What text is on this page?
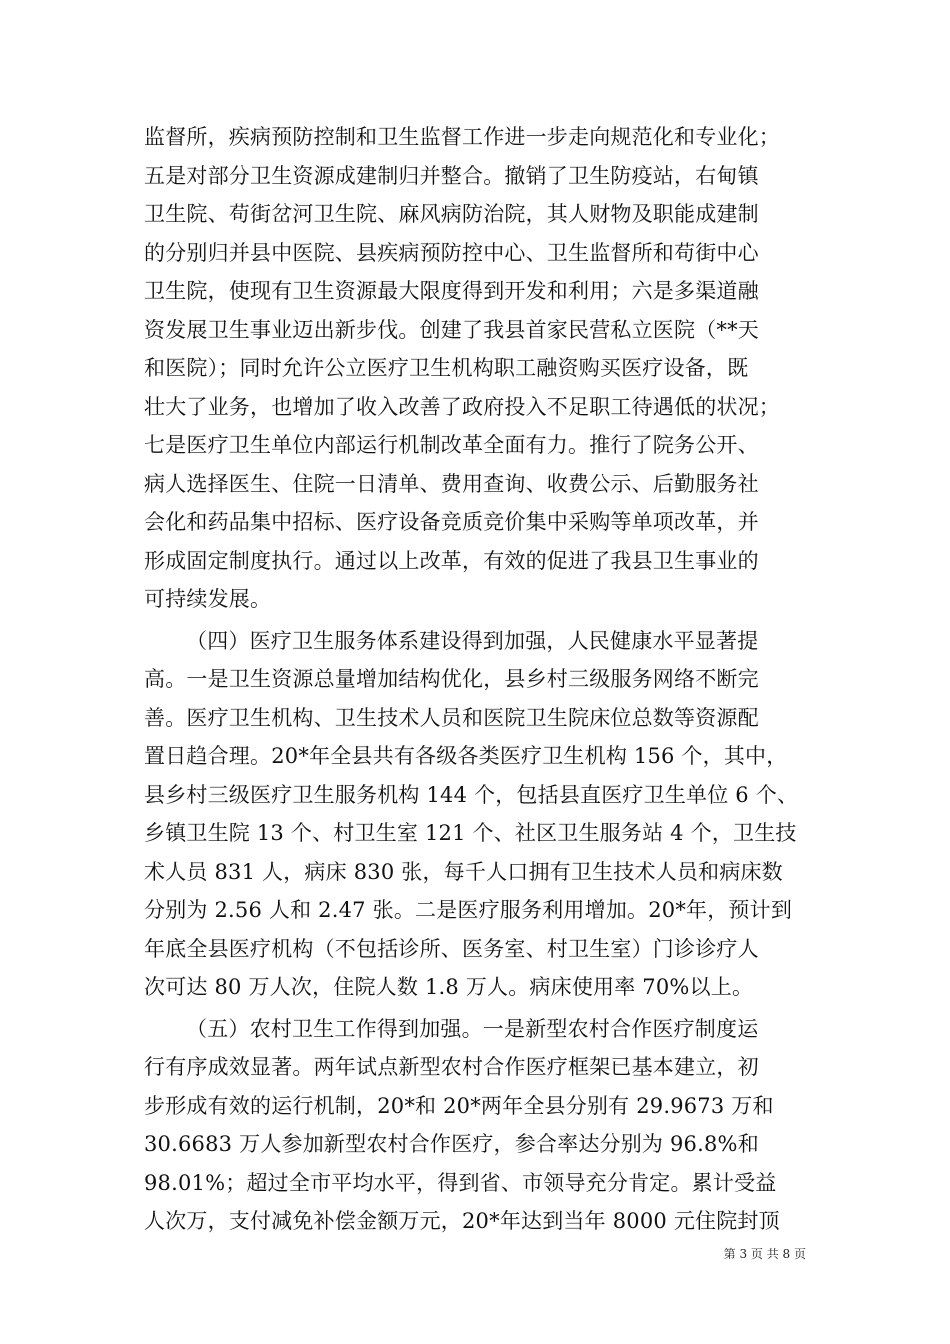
监督所，疾病预防控制和卫生监督工作进一步走向规范化和专业化；
五是对部分卫生资源成建制归并整合。撤销了卫生防疫站，右甸镇
卫生院、苟街岔河卫生院、麻风病防治院，其人财物及职能成建制
的分别归并县中医院、县疾病预防控中心、卫生监督所和苟街中心
卫生院，使现有卫生资源最大限度得到开发和利用；六是多渠道融
资发展卫生事业迈出新步伐。创建了我县首家民营私立医院（**天
和医院）；同时允许公立医疗卫生机构职工融资购买医疗设备，既
壮大了业务，也增加了收入改善了政府投入不足职工待遇低的状况；
七是医疗卫生单位内部运行机制改革全面有力。推行了院务公开、
病人选择医生、住院一日清单、费用查询、收费公示、后勤服务社
会化和药品集中招标、医疗设备竞质竞价集中采购等单项改革，并
形成固定制度执行。通过以上改革，有效的促进了我县卫生事业的
可持续发展。
（四）医疗卫生服务体系建设得到加强，人民健康水平显著提
高。一是卫生资源总量增加结构优化，县乡村三级服务网络不断完
善。医疗卫生机构、卫生技术人员和医院卫生院床位总数等资源配
置日趋合理。20*年全县共有各级各类医疗卫生机构 156 个，其中，
县乡村三级医疗卫生服务机构 144 个，包括县直医疗卫生单位 6 个、
乡镇卫生院 13 个、村卫生室 121 个、社区卫生服务站 4 个，卫生技
术人员 831 人，病床 830 张，每千人口拥有卫生技术人员和病床数
分别为 2.56 人和 2.47 张。二是医疗服务利用增加。20*年，预计到
年底全县医疗机构（不包括诊所、医务室、村卫生室）门诊诊疗人
次可达 80 万人次，住院人数 1.8 万人。病床使用率 70%以上。
（五）农村卫生工作得到加强。一是新型农村合作医疗制度运
行有序成效显著。两年试点新型农村合作医疗框架已基本建立，初
步形成有效的运行机制，20*和 20*两年全县分别有 29.9673 万和
30.6683 万人参加新型农村合作医疗，参合率达分别为 96.8%和
98.01%；超过全市平均水平，得到省、市领导充分肯定。累计受益
人次万，支付减免补偿金额万元，20*年达到当年 8000 元住院封顶
第 3 页 共 8 页
